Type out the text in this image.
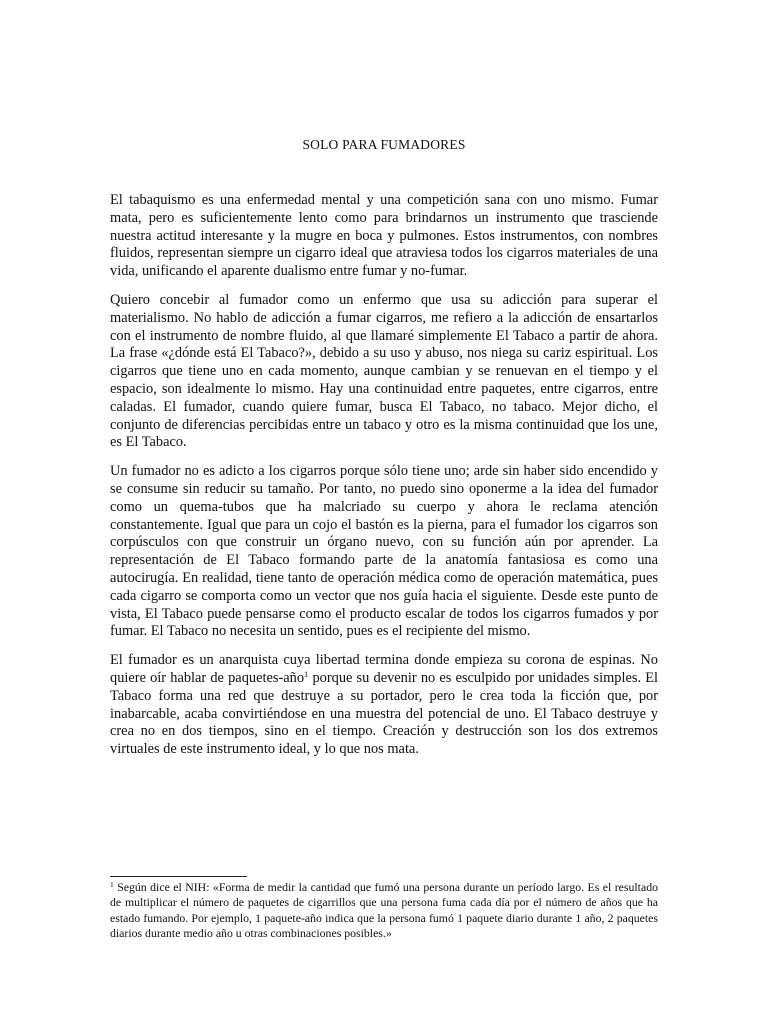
SOLO PARA FUMADORES

El tabaquismo es una enfermedad mental y una competición sana con uno mismo. Fumar mata, pero es suficientemente lento como para brindarnos un instrumento que trasciende nuestra actitud interesante y la mugre en boca y pulmones. Estos instrumentos, con nombres fluidos, representan siempre un cigarro ideal que atraviesa todos los cigarros materiales de una vida, unificando el aparente dualismo entre fumar y no-fumar.

Quiero concebir al fumador como un enfermo que usa su adicción para superar el materialismo. No hablo de adicción a fumar cigarros, me refiero a la adicción de ensartarlos con el instrumento de nombre fluido, al que llamaré simplemente El Tabaco a partir de ahora. La frase «¿dónde está El Tabaco?», debido a su uso y abuso, nos niega su cariz espiritual. Los cigarros que tiene uno en cada momento, aunque cambian y se renuevan en el tiempo y el espacio, son idealmente lo mismo. Hay una continuidad entre paquetes, entre cigarros, entre caladas. El fumador, cuando quiere fumar, busca El Tabaco, no tabaco. Mejor dicho, el conjunto de diferencias percibidas entre un tabaco y otro es la misma continuidad que los une, es El Tabaco.

Un fumador no es adicto a los cigarros porque sólo tiene uno; arde sin haber sido encendido y se consume sin reducir su tamaño. Por tanto, no puedo sino oponerme a la idea del fumador como un quema-tubos que ha malcriado su cuerpo y ahora le reclama atención constantemente. Igual que para un cojo el bastón es la pierna, para el fumador los cigarros son corpúsculos con que construir un órgano nuevo, con su función aún por aprender. La representación de El Tabaco formando parte de la anatomía fantasiosa es como una autocirugía. En realidad, tiene tanto de operación médica como de operación matemática, pues cada cigarro se comporta como un vector que nos guía hacia el siguiente. Desde este punto de vista, El Tabaco puede pensarse como el producto escalar de todos los cigarros fumados y por fumar. El Tabaco no necesita un sentido, pues es el recipiente del mismo.

El fumador es un anarquista cuya libertad termina donde empieza su corona de espinas. No quiere oír hablar de paquetes-año$^1$ porque su devenir no es esculpido por unidades simples. El Tabaco forma una red que destruye a su portador, pero le crea toda la ficción que, por inabarcable, acaba convirtiéndose en una muestra del potencial de uno. El Tabaco destruye y crea no en dos tiempos, sino en el tiempo. Creación y destrucción son los dos extremos virtuales de este instrumento ideal, y lo que nos mata.

$^1$ Según dice el NIH: «Forma de medir la cantidad que fumó una persona durante un período largo. Es el resultado de multiplicar el número de paquetes de cigarrillos que una persona fuma cada día por el número de años que ha estado fumando. Por ejemplo, 1 paquete-año indica que la persona fumó 1 paquete diario durante 1 año, 2 paquetes diarios durante medio año u otras combinaciones posibles.»
